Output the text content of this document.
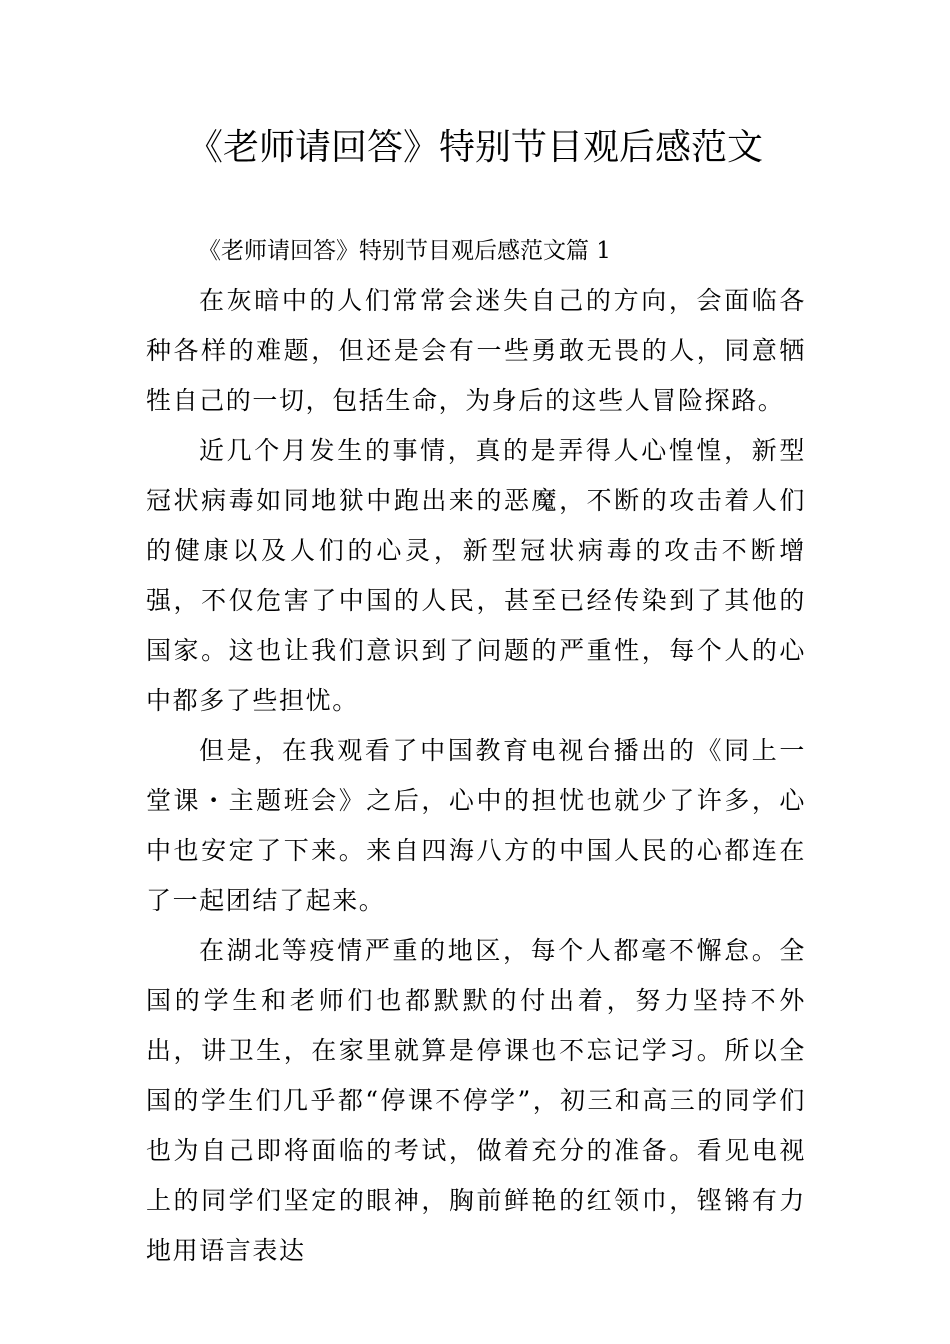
《老师请回答》特别节目观后感范文

《老师请回答》特别节目观后感范文篇 1

在灰暗中的人们常常会迷失自己的方向，会面临各种各样的难题，但还是会有一些勇敢无畏的人，同意牺牲自己的一切，包括生命，为身后的这些人冒险探路。

近几个月发生的事情，真的是弄得人心惶惶，新型冠状病毒如同地狱中跑出来的恶魔，不断的攻击着人们的健康以及人们的心灵，新型冠状病毒的攻击不断增强，不仅危害了中国的人民，甚至已经传染到了其他的国家。这也让我们意识到了问题的严重性，每个人的心中都多了些担忧。

但是，在我观看了中国教育电视台播出的《同上一堂课・主题班会》之后，心中的担忧也就少了许多，心中也安定了下来。来自四海八方的中国人民的心都连在了一起团结了起来。

在湖北等疫情严重的地区，每个人都毫不懈怠。全国的学生和老师们也都默默的付出着，努力坚持不外出，讲卫生，在家里就算是停课也不忘记学习。所以全国的学生们几乎都“停课不停学”，初三和高三的同学们也为自己即将面临的考试，做着充分的准备。看见电视上的同学们坚定的眼神，胸前鲜艳的红领巾，铿锵有力地用语言表达
